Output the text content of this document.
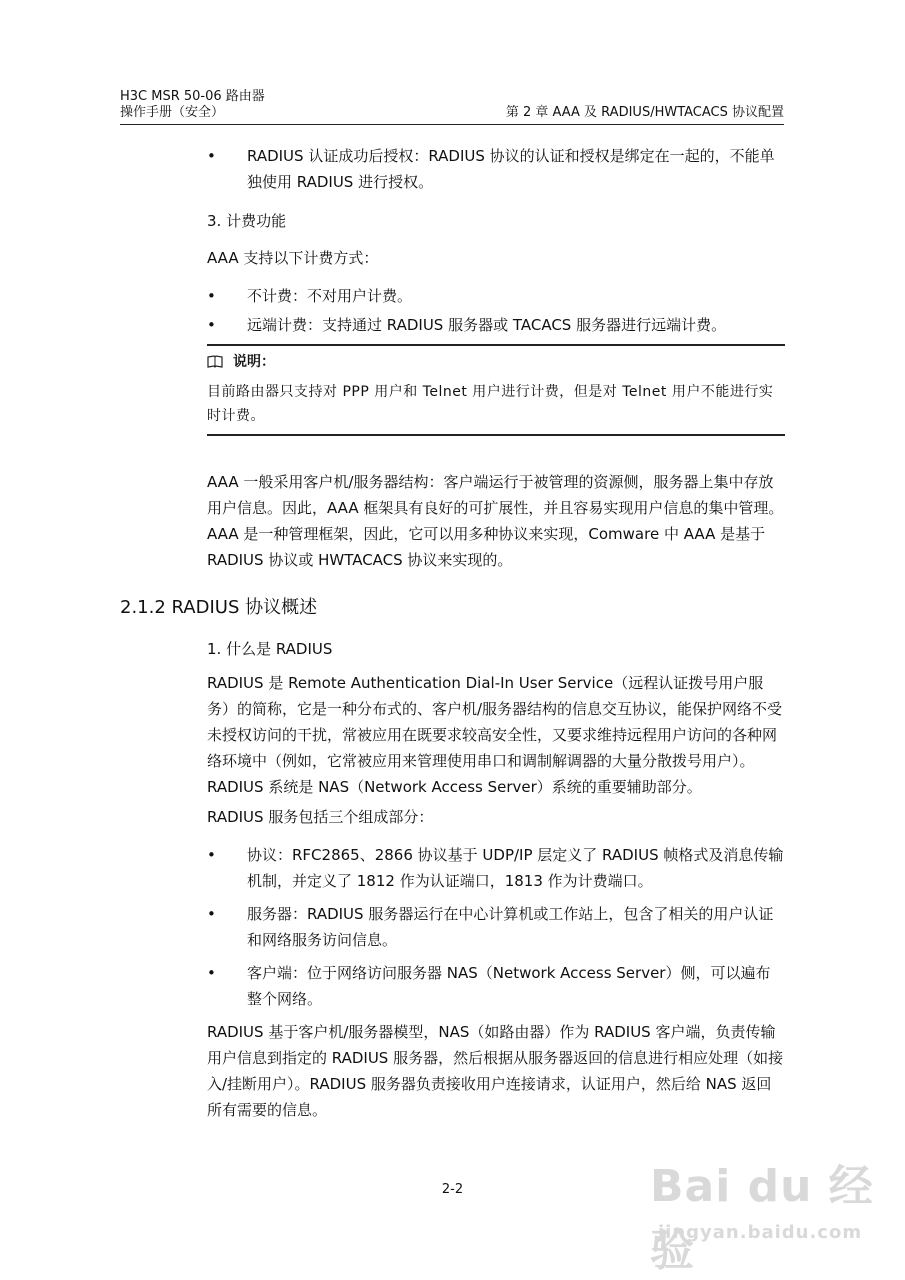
H3C MSR 50-06 路由器
操作手册（安全）	第 2 章 AAA 及 RADIUS/HWTACACS 协议配置
•	RADIUS 认证成功后授权：RADIUS 协议的认证和授权是绑定在一起的，不能单独使用 RADIUS 进行授权。
3. 计费功能
AAA 支持以下计费方式：
•	不计费：不对用户计费。
•	远端计费：支持通过 RADIUS 服务器或 TACACS 服务器进行远端计费。
说明：
目前路由器只支持对 PPP 用户和 Telnet 用户进行计费，但是对 Telnet 用户不能进行实时计费。
AAA 一般采用客户机/服务器结构：客户端运行于被管理的资源侧，服务器上集中存放用户信息。因此，AAA 框架具有良好的可扩展性，并且容易实现用户信息的集中管理。AAA 是一种管理框架，因此，它可以用多种协议来实现，Comware 中 AAA 是基于 RADIUS 协议或 HWTACACS 协议来实现的。
2.1.2 RADIUS 协议概述
1. 什么是 RADIUS
RADIUS 是 Remote Authentication Dial-In User Service（远程认证拨号用户服务）的简称，它是一种分布式的、客户机/服务器结构的信息交互协议，能保护网络不受未授权访问的干扰，常被应用在既要求较高安全性，又要求维持远程用户访问的各种网络环境中（例如，它常被应用来管理使用串口和调制解调器的大量分散拨号用户）。RADIUS 系统是 NAS（Network Access Server）系统的重要辅助部分。
RADIUS 服务包括三个组成部分：
•	协议：RFC2865、2866 协议基于 UDP/IP 层定义了 RADIUS 帧格式及消息传输机制，并定义了 1812 作为认证端口，1813 作为计费端口。
•	服务器：RADIUS 服务器运行在中心计算机或工作站上，包含了相关的用户认证和网络服务访问信息。
•	客户端：位于网络访问服务器 NAS（Network Access Server）侧，可以遍布整个网络。
RADIUS 基于客户机/服务器模型，NAS（如路由器）作为 RADIUS 客户端，负责传输用户信息到指定的 RADIUS 服务器，然后根据从服务器返回的信息进行相应处理（如接入/挂断用户）。RADIUS 服务器负责接收用户连接请求，认证用户，然后给 NAS 返回所有需要的信息。
2-2	Bai du 经验
jingyan.baidu.com
